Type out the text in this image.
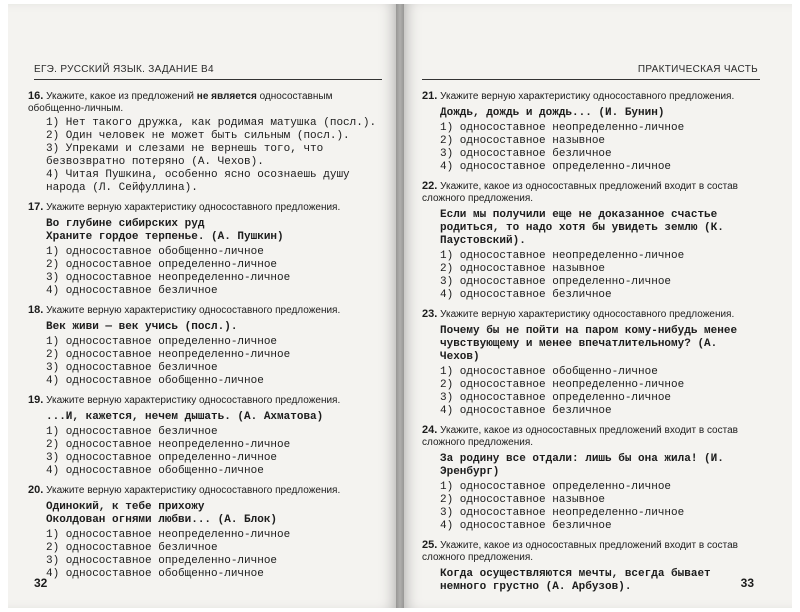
ЕГЭ. РУССКИЙ ЯЗЫК. ЗАДАНИЕ В4
16. Укажите, какое из предложений не является односоставным обобщенно-личным.
1) Нет такого дружка, как родимая матушка (посл.).
2) Один человек не может быть сильным (посл.).
3) Упреками и слезами не вернешь того, что безвозвратно потеряно (А. Чехов).
4) Читая Пушкина, особенно ясно осознаешь душу народа (Л. Сейфуллина).
17. Укажите верную характеристику односоставного предложения.
Во глубине сибирских руд
Храните гордое терпенье. (А. Пушкин)
1) односоставное обобщенно-личное
2) односоставное определенно-личное
3) односоставное неопределенно-личное
4) односоставное безличное
18. Укажите верную характеристику односоставного предложения.
Век живи — век учись (посл.).
1) односоставное определенно-личное
2) односоставное неопределенно-личное
3) односоставное безличное
4) односоставное обобщенно-личное
19. Укажите верную характеристику односоставного предложения.
...И, кажется, нечем дышать. (А. Ахматова)
1) односоставное безличное
2) односоставное неопределенно-личное
3) односоставное определенно-личное
4) односоставное обобщенно-личное
20. Укажите верную характеристику односоставного предложения.
Одинокий, к тебе прихожу
Околдован огнями любви... (А. Блок)
1) односоставное неопределенно-личное
2) односоставное безличное
3) односоставное определенно-личное
4) односоставное обобщенно-личное
32
ПРАКТИЧЕСКАЯ ЧАСТЬ
21. Укажите верную характеристику односоставного предложения.
Дождь, дождь и дождь... (И. Бунин)
1) односоставное неопределенно-личное
2) односоставное назывное
3) односоставное безличное
4) односоставное определенно-личное
22. Укажите, какое из односоставных предложений входит в состав сложного предложения.
Если мы получили еще не доказанное счастье родиться, то надо хотя бы увидеть землю (К. Паустовский).
1) односоставное неопределенно-личное
2) односоставное назывное
3) односоставное определенно-личное
4) односоставное безличное
23. Укажите верную характеристику односоставного предложения.
Почему бы не пойти на паром кому-нибудь менее чувствующему и менее впечатлительному? (А. Чехов)
1) односоставное обобщенно-личное
2) односоставное неопределенно-личное
3) односоставное определенно-личное
4) односоставное безличное
24. Укажите, какое из односоставных предложений входит в состав сложного предложения.
За родину все отдали: лишь бы она жила! (И. Эренбург)
1) односоставное определенно-личное
2) односоставное назывное
3) односоставное неопределенно-личное
4) односоставное безличное
25. Укажите, какое из односоставных предложений входит в состав сложного предложения.
Когда осуществляются мечты, всегда бывает немного грустно (А. Арбузов).	33
